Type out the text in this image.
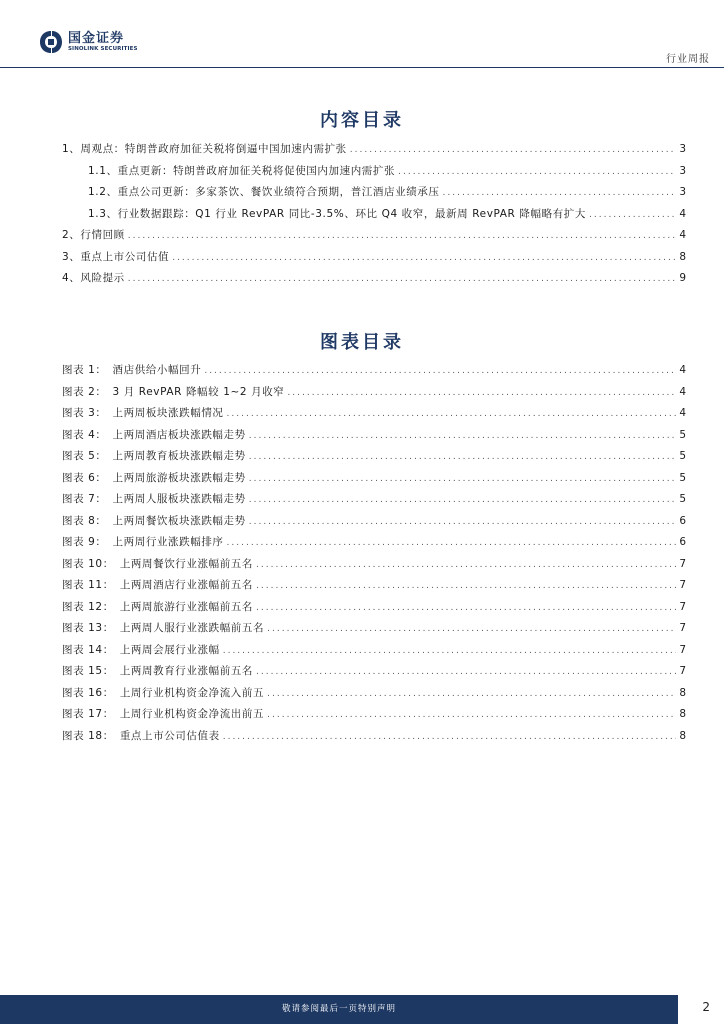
国金证券
SINOLINK SECURITIES
行业周报
内容目录
1、周观点：特朗普政府加征关税将倒逼中国加速内需扩张 .....	3
1.1、重点更新：特朗普政府加征关税将促使国内加速内需扩张 .....	3
1.2、重点公司更新：多家茶饮、餐饮业绩符合预期，普江酒店业绩承压 .....	3
1.3、行业数据跟踪：Q1 行业 RevPAR 同比-3.5%、环比 Q4 收窄，最新周 RevPAR 降幅略有扩大 .....	4
2、行情回顾 .....	4
3、重点上市公司估值 .....	8
4、风险提示 .....	9
图表目录
图表 1： 酒店供给小幅回升 .....	4
图表 2： 3 月 RevPAR 降幅较 1~2 月收窄 .....	4
图表 3： 上两周板块涨跌幅情况 .....	4
图表 4： 上两周酒店板块涨跌幅走势 .....	5
图表 5： 上两周教育板块涨跌幅走势 .....	5
图表 6： 上两周旅游板块涨跌幅走势 .....	5
图表 7： 上两周人服板块涨跌幅走势 .....	5
图表 8： 上两周餐饮板块涨跌幅走势 .....	6
图表 9： 上两周行业涨跌幅排序 .....	6
图表 10： 上两周餐饮行业涨幅前五名 .....	7
图表 11： 上两周酒店行业涨幅前五名 .....	7
图表 12： 上两周旅游行业涨幅前五名 .....	7
图表 13： 上两周人服行业涨跌幅前五名 .....	7
图表 14： 上两周会展行业涨幅 .....	7
图表 15： 上两周教育行业涨幅前五名 .....	7
图表 16： 上周行业机构资金净流入前五 .....	8
图表 17： 上周行业机构资金净流出前五 .....	8
图表 18： 重点上市公司估值表 .....	8
敬请参阅最后一页特别声明	2
